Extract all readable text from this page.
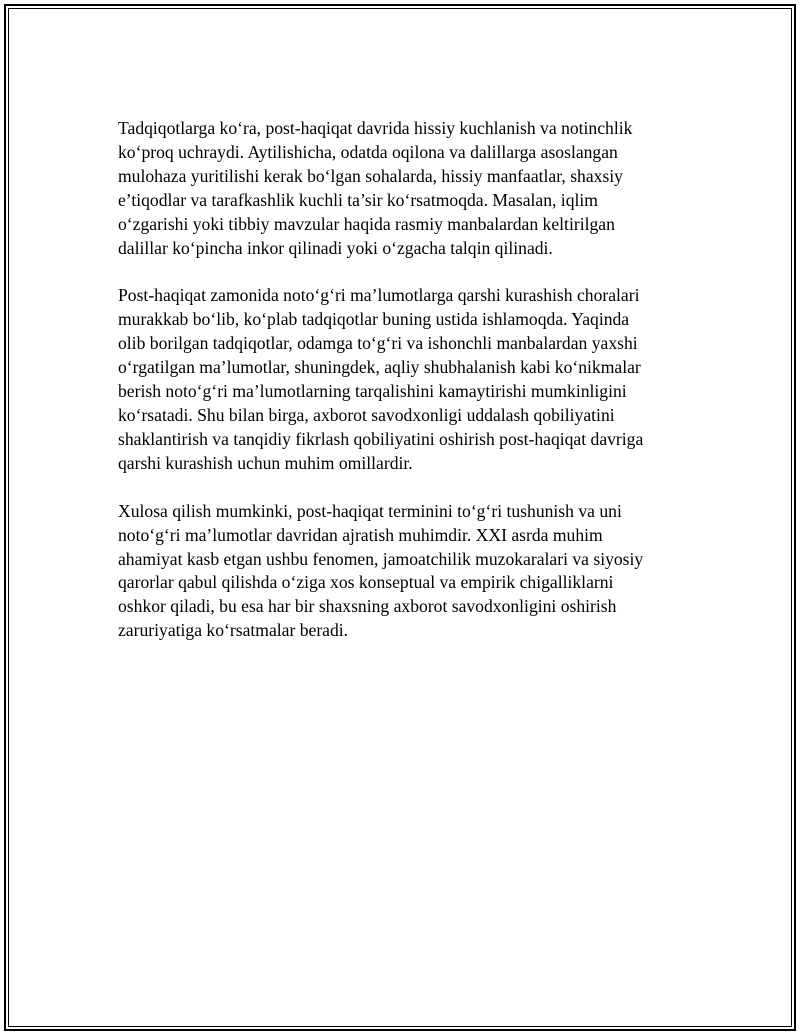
Tadqiqotlarga ko‘ra, post-haqiqat davrida hissiy kuchlanish va notinchlik
ko‘proq uchraydi. Aytilishicha, odatda oqilona va dalillarga asoslangan
mulohaza yuritilishi kerak bo‘lgan sohalarda, hissiy manfaatlar, shaxsiy
e’tiqodlar va tarafkashlik kuchli ta’sir ko‘rsatmoqda. Masalan, iqlim
o‘zgarishi yoki tibbiy mavzular haqida rasmiy manbalardan keltirilgan
dalillar ko‘pincha inkor qilinadi yoki o‘zgacha talqin qilinadi.

Post-haqiqat zamonida noto‘g‘ri ma’lumotlarga qarshi kurashish choralari
murakkab bo‘lib, ko‘plab tadqiqotlar buning ustida ishlamoqda. Yaqinda
olib borilgan tadqiqotlar, odamga to‘g‘ri va ishonchli manbalardan yaxshi
o‘rgatilgan ma’lumotlar, shuningdek, aqliy shubhalanish kabi ko‘nikmalar
berish noto‘g‘ri ma’lumotlarning tarqalishini kamaytirishi mumkinligini
ko‘rsatadi. Shu bilan birga, axborot savodxonligi uddalash qobiliyatini
shaklantirish va tanqidiy fikrlash qobiliyatini oshirish post-haqiqat davriga
qarshi kurashish uchun muhim omillardir.

Xulosa qilish mumkinki, post-haqiqat terminini to‘g‘ri tushunish va uni
noto‘g‘ri ma’lumotlar davridan ajratish muhimdir. XXI asrda muhim
ahamiyat kasb etgan ushbu fenomen, jamoatchilik muzokaralari va siyosiy
qarorlar qabul qilishda o‘ziga xos konseptual va empirik chigalliklarni
oshkor qiladi, bu esa har bir shaxsning axborot savodxonligini oshirish
zaruriyatiga ko‘rsatmalar beradi.
